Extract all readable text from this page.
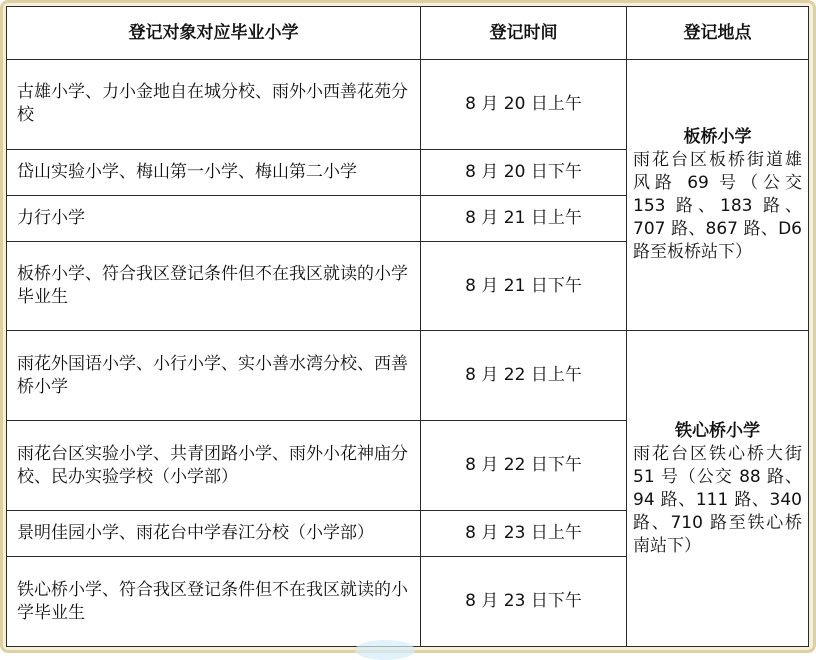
登记对象对应毕业小学	登记时间	登记地点
古雄小学、力小金地自在城分校、雨外小西善花苑分校	8 月 20 日上午	板桥小学
雨花台区板桥街道雄风路 69 号（公交 153 路、183 路、707 路、867 路、D6 路至板桥站下）

岱山实验小学、梅山第一小学、梅山第二小学	8 月 20 日下午	
力行小学	8 月 21 日上午	
板桥小学、符合我区登记条件但不在我区就读的小学毕业生	8 月 21 日下午	
雨花外国语小学、小行小学、实小善水湾分校、西善桥小学	8 月 22 日上午	铁心桥小学
雨花台区铁心桥大街 51 号（公交 88 路、94 路、111 路、340 路、710 路至铁心桥南站下）

雨花台区实验小学、共青团路小学、雨外小花神庙分校、民办实验学校（小学部）	8 月 22 日下午	
景明佳园小学、雨花台中学春江分校（小学部）	8 月 23 日上午	
铁心桥小学、符合我区登记条件但不在我区就读的小学毕业生	8 月 23 日下午	
